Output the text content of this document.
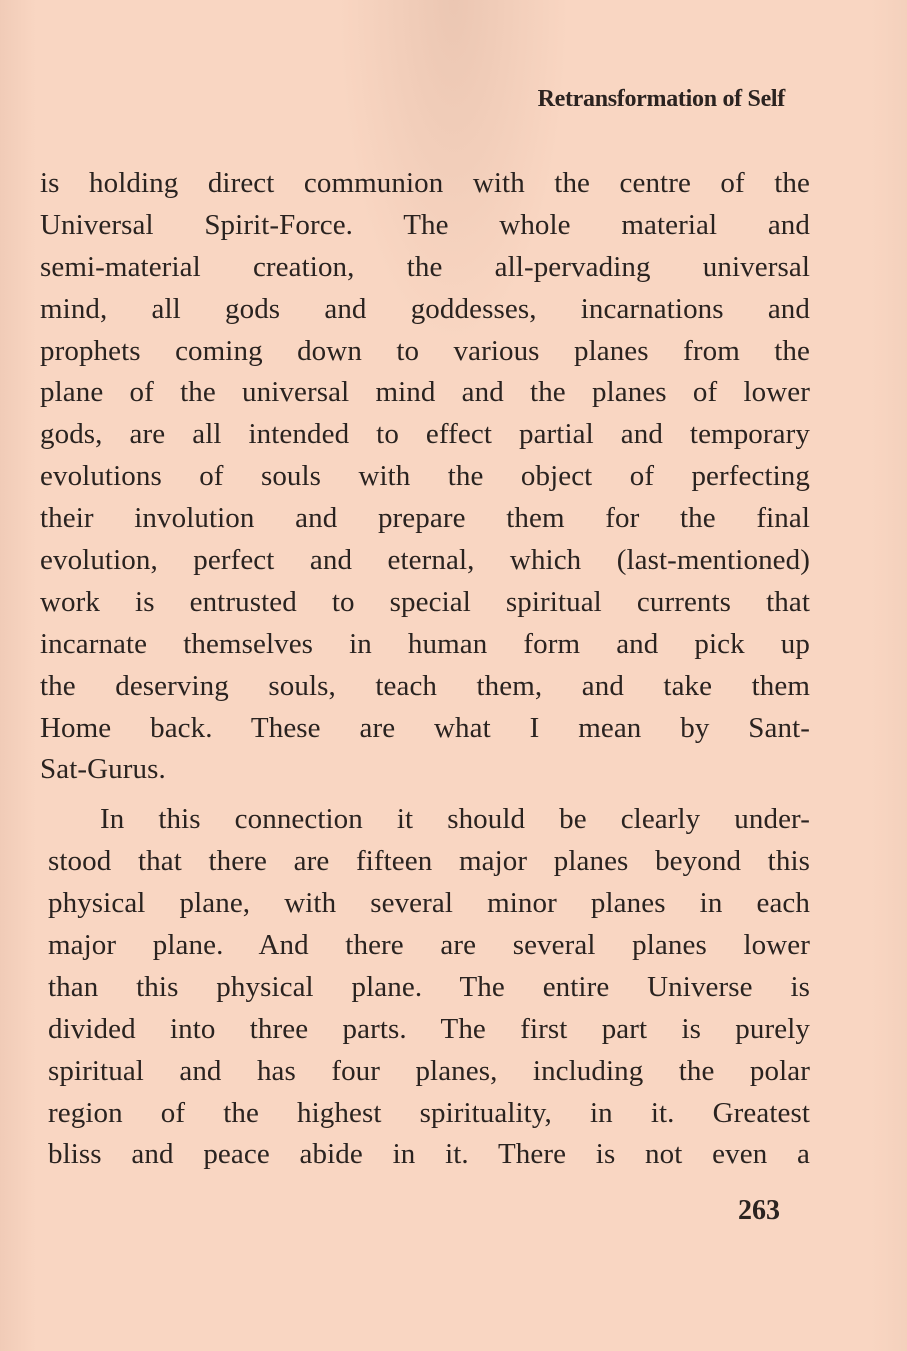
Retransformation of Self
is holding direct communion with the centre of the
Universal Spirit-Force. The whole material and
semi-material creation, the all-pervading universal
mind, all gods and goddesses, incarnations and
prophets coming down to various planes from the
plane of the universal mind and the planes of lower
gods, are all intended to effect partial and temporary
evolutions of souls with the object of perfecting
their involution and prepare them for the final
evolution, perfect and eternal, which (last-mentioned)
work is entrusted to special spiritual currents that
incarnate themselves in human form and pick up
the deserving souls, teach them, and take them
Home back. These are what I mean by Sant-
Sat-Gurus.
In this connection it should be clearly under-
stood that there are fifteen major planes beyond this
physical plane, with several minor planes in each
major plane. And there are several planes lower
than this physical plane. The entire Universe is
divided into three parts. The first part is purely
spiritual and has four planes, including the polar
region of the highest spirituality, in it. Greatest
bliss and peace abide in it. There is not even a
263
